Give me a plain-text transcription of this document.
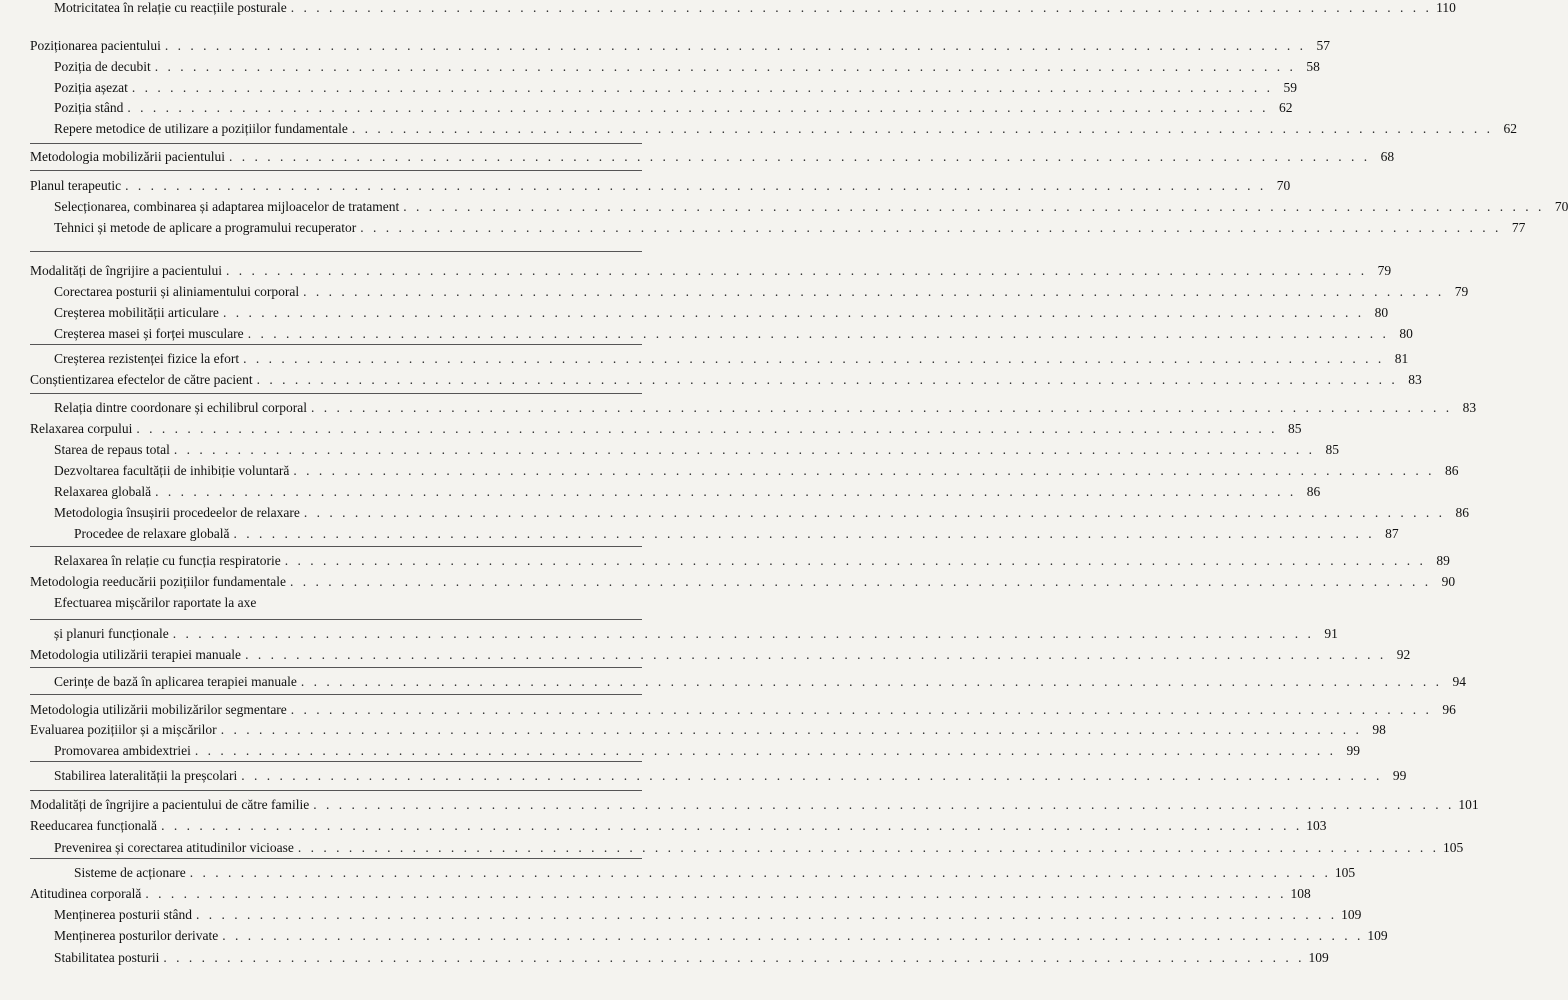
Poziționarea pacientului . . . . . . . . . . . . . . . . . . . . . . . . . . . . . . . . . . . . . . . . . . . . . . . . . . . . . . . . . . . . . . . . . . . . . . . . . . . . . . . . . . . . . . . . . . 57
Poziția de decubit . . . . . . . . . . . . . . . . . . . . . . . . . . . . . . . . . . . . . . . . . . . . . . . . . . . . . . . . . . . . . . . . . . . . . . . . . . . . . . . . . . . . . . . . . . 58
Poziția așezat . . . . . . . . . . . . . . . . . . . . . . . . . . . . . . . . . . . . . . . . . . . . . . . . . . . . . . . . . . . . . . . . . . . . . . . . . . . . . . . . . . . . . . . . . . 59
Poziția stând . . . . . . . . . . . . . . . . . . . . . . . . . . . . . . . . . . . . . . . . . . . . . . . . . . . . . . . . . . . . . . . . . . . . . . . . . . . . . . . . . . . . . . . . . . 62
Repere metodice de utilizare a pozițiilor fundamentale . . . . . . . . . . . . . . . . . . . . . . . . . . . . . . . . . . . . . . . . . . . . . . . . . . . . . . . . . . . . . . . . . . . . . . . . . . . . . . . . . . . . . . . . . . 62
Metodologia mobilizării pacientului . . . . . . . . . . . . . . . . . . . . . . . . . . . . . . . . . . . . . . . . . . . . . . . . . . . . . . . . . . . . . . . . . . . . . . . . . . . . . . . . . . . . . . . . . . 68
Planul terapeutic . . . . . . . . . . . . . . . . . . . . . . . . . . . . . . . . . . . . . . . . . . . . . . . . . . . . . . . . . . . . . . . . . . . . . . . . . . . . . . . . . . . . . . . . . . 70
Selecționarea, combinarea și adaptarea mijloacelor de tratament . . . . . . . . . . . . . . . . . . . . . . . . . . . . . . . . . . . . . . . . . . . . . . . . . . . . . . . . . . . . . . . . . . . . . . . . . . . . . . . . . . . . . . . . . . 70
Tehnici și metode de aplicare a programului recuperator . . . . . . . . . . . . . . . . . . . . . . . . . . . . . . . . . . . . . . . . . . . . . . . . . . . . . . . . . . . . . . . . . . . . . . . . . . . . . . . . . . . . . . . . . . 77
Modalități de îngrijire a pacientului . . . . . . . . . . . . . . . . . . . . . . . . . . . . . . . . . . . . . . . . . . . . . . . . . . . . . . . . . . . . . . . . . . . . . . . . . . . . . . . . . . . . . . . . . . 79
Corectarea posturii și aliniamentului corporal . . . . . . . . . . . . . . . . . . . . . . . . . . . . . . . . . . . . . . . . . . . . . . . . . . . . . . . . . . . . . . . . . . . . . . . . . . . . . . . . . . . . . . . . . . 79
Creșterea mobilității articulare . . . . . . . . . . . . . . . . . . . . . . . . . . . . . . . . . . . . . . . . . . . . . . . . . . . . . . . . . . . . . . . . . . . . . . . . . . . . . . . . . . . . . . . . . . 80
Creșterea masei și forței musculare . . . . . . . . . . . . . . . . . . . . . . . . . . . . . . . . . . . . . . . . . . . . . . . . . . . . . . . . . . . . . . . . . . . . . . . . . . . . . . . . . . . . . . . . . . 80
Creșterea rezistenței fizice la efort . . . . . . . . . . . . . . . . . . . . . . . . . . . . . . . . . . . . . . . . . . . . . . . . . . . . . . . . . . . . . . . . . . . . . . . . . . . . . . . . . . . . . . . . . . 81
Conștientizarea efectelor de către pacient . . . . . . . . . . . . . . . . . . . . . . . . . . . . . . . . . . . . . . . . . . . . . . . . . . . . . . . . . . . . . . . . . . . . . . . . . . . . . . . . . . . . . . . . . . 83
Relația dintre coordonare și echilibrul corporal . . . . . . . . . . . . . . . . . . . . . . . . . . . . . . . . . . . . . . . . . . . . . . . . . . . . . . . . . . . . . . . . . . . . . . . . . . . . . . . . . . . . . . . . . . 83
Relaxarea corpului . . . . . . . . . . . . . . . . . . . . . . . . . . . . . . . . . . . . . . . . . . . . . . . . . . . . . . . . . . . . . . . . . . . . . . . . . . . . . . . . . . . . . . . . . . 85
Starea de repaus total . . . . . . . . . . . . . . . . . . . . . . . . . . . . . . . . . . . . . . . . . . . . . . . . . . . . . . . . . . . . . . . . . . . . . . . . . . . . . . . . . . . . . . . . . . 85
Dezvoltarea facultății de inhibiție voluntară . . . . . . . . . . . . . . . . . . . . . . . . . . . . . . . . . . . . . . . . . . . . . . . . . . . . . . . . . . . . . . . . . . . . . . . . . . . . . . . . . . . . . . . . . . 86
Relaxarea globală . . . . . . . . . . . . . . . . . . . . . . . . . . . . . . . . . . . . . . . . . . . . . . . . . . . . . . . . . . . . . . . . . . . . . . . . . . . . . . . . . . . . . . . . . . 86
Metodologia însușirii procedeelor de relaxare . . . . . . . . . . . . . . . . . . . . . . . . . . . . . . . . . . . . . . . . . . . . . . . . . . . . . . . . . . . . . . . . . . . . . . . . . . . . . . . . . . . . . . . . . . 86
Procedee de relaxare globală . . . . . . . . . . . . . . . . . . . . . . . . . . . . . . . . . . . . . . . . . . . . . . . . . . . . . . . . . . . . . . . . . . . . . . . . . . . . . . . . . . . . . . . . . . 87
Relaxarea în relație cu funcția respiratorie . . . . . . . . . . . . . . . . . . . . . . . . . . . . . . . . . . . . . . . . . . . . . . . . . . . . . . . . . . . . . . . . . . . . . . . . . . . . . . . . . . . . . . . . . . 89
Metodologia reeducării pozițiilor fundamentale . . . . . . . . . . . . . . . . . . . . . . . . . . . . . . . . . . . . . . . . . . . . . . . . . . . . . . . . . . . . . . . . . . . . . . . . . . . . . . . . . . . . . . . . . . 90
Efectuarea mișcărilor raportate la axe
și planuri funcționale . . . . . . . . . . . . . . . . . . . . . . . . . . . . . . . . . . . . . . . . . . . . . . . . . . . . . . . . . . . . . . . . . . . . . . . . . . . . . . . . . . . . . . . . . . 91
Metodologia utilizării terapiei manuale . . . . . . . . . . . . . . . . . . . . . . . . . . . . . . . . . . . . . . . . . . . . . . . . . . . . . . . . . . . . . . . . . . . . . . . . . . . . . . . . . . . . . . . . . . 92
Cerințe de bază în aplicarea terapiei manuale . . . . . . . . . . . . . . . . . . . . . . . . . . . . . . . . . . . . . . . . . . . . . . . . . . . . . . . . . . . . . . . . . . . . . . . . . . . . . . . . . . . . . . . . . . 94
Metodologia utilizării mobilizărilor segmentare . . . . . . . . . . . . . . . . . . . . . . . . . . . . . . . . . . . . . . . . . . . . . . . . . . . . . . . . . . . . . . . . . . . . . . . . . . . . . . . . . . . . . . . . . . 96
Evaluarea pozițiilor și a mișcărilor . . . . . . . . . . . . . . . . . . . . . . . . . . . . . . . . . . . . . . . . . . . . . . . . . . . . . . . . . . . . . . . . . . . . . . . . . . . . . . . . . . . . . . . . . . 98
Promovarea ambidextriei . . . . . . . . . . . . . . . . . . . . . . . . . . . . . . . . . . . . . . . . . . . . . . . . . . . . . . . . . . . . . . . . . . . . . . . . . . . . . . . . . . . . . . . . . . 99
Stabilirea lateralității la preșcolari . . . . . . . . . . . . . . . . . . . . . . . . . . . . . . . . . . . . . . . . . . . . . . . . . . . . . . . . . . . . . . . . . . . . . . . . . . . . . . . . . . . . . . . . . . 99
Modalități de îngrijire a pacientului de către familie . . . . . . . . . . . . . . . . . . . . . . . . . . . . . . . . . . . . . . . . . . . . . . . . . . . . . . . . . . . . . . . . . . . . . . . . . . . . . . . . . . . . . . . . . . 101
Reeducarea funcțională . . . . . . . . . . . . . . . . . . . . . . . . . . . . . . . . . . . . . . . . . . . . . . . . . . . . . . . . . . . . . . . . . . . . . . . . . . . . . . . . . . . . . . . . . . 103
Prevenirea și corectarea atitudinilor vicioase . . . . . . . . . . . . . . . . . . . . . . . . . . . . . . . . . . . . . . . . . . . . . . . . . . . . . . . . . . . . . . . . . . . . . . . . . . . . . . . . . . . . . . . . . . 105
Sisteme de acționare . . . . . . . . . . . . . . . . . . . . . . . . . . . . . . . . . . . . . . . . . . . . . . . . . . . . . . . . . . . . . . . . . . . . . . . . . . . . . . . . . . . . . . . . . . 105
Atitudinea corporală . . . . . . . . . . . . . . . . . . . . . . . . . . . . . . . . . . . . . . . . . . . . . . . . . . . . . . . . . . . . . . . . . . . . . . . . . . . . . . . . . . . . . . . . . . 108
Menținerea posturii stând . . . . . . . . . . . . . . . . . . . . . . . . . . . . . . . . . . . . . . . . . . . . . . . . . . . . . . . . . . . . . . . . . . . . . . . . . . . . . . . . . . . . . . . . . . 109
Menținerea posturilor derivate . . . . . . . . . . . . . . . . . . . . . . . . . . . . . . . . . . . . . . . . . . . . . . . . . . . . . . . . . . . . . . . . . . . . . . . . . . . . . . . . . . . . . . . . . . 109
Stabilitatea posturii . . . . . . . . . . . . . . . . . . . . . . . . . . . . . . . . . . . . . . . . . . . . . . . . . . . . . . . . . . . . . . . . . . . . . . . . . . . . . . . . . . . . . . . . . . 109
Motricitatea în relație cu reacțiile posturale . . . . . . . . . . . . . . . . . . . . . . . . . . . . . . . . . . . . . . . . . . . . . . . . . . . . . . . . . . . . . . . . . . . . . . . . . . . . . . . . . . . . . . . . . . 110
